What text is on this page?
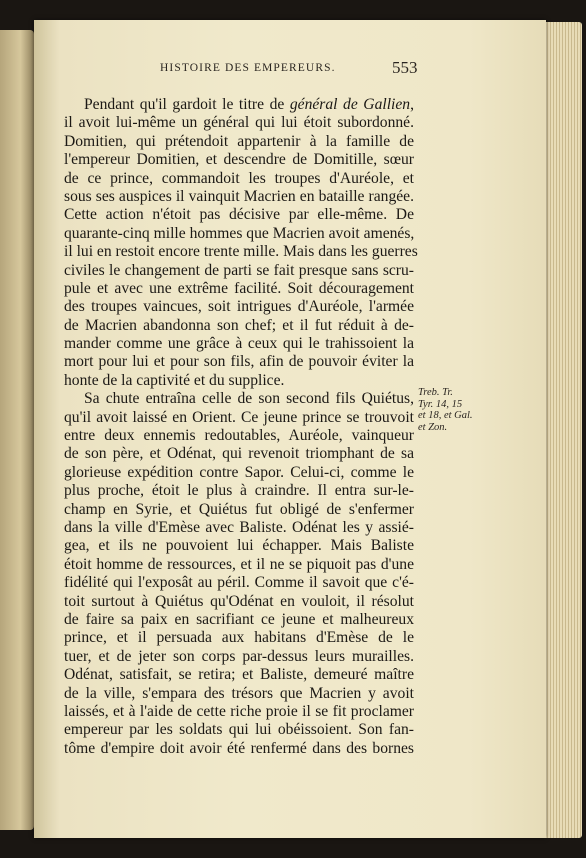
HISTOIRE DES EMPEREURS.	553
Pendant qu'il gardoit le titre de général de Gallien,
il avoit lui-même un général qui lui étoit subordonné.
Domitien, qui prétendoit appartenir à la famille de
l'empereur Domitien, et descendre de Domitille, sœur
de ce prince, commandoit les troupes d'Auréole, et
sous ses auspices il vainquit Macrien en bataille rangée.
Cette action n'étoit pas décisive par elle-même. De
quarante-cinq mille hommes que Macrien avoit amenés,
il lui en restoit encore trente mille. Mais dans les guerres
civiles le changement de parti se fait presque sans scru-
pule et avec une extrême facilité. Soit découragement
des troupes vaincues, soit intrigues d'Auréole, l'armée
de Macrien abandonna son chef; et il fut réduit à de-
mander comme une grâce à ceux qui le trahissoient la
mort pour lui et pour son fils, afin de pouvoir éviter la
honte de la captivité et du supplice.
Sa chute entraîna celle de son second fils Quiétus,
qu'il avoit laissé en Orient. Ce jeune prince se trouvoit
entre deux ennemis redoutables, Auréole, vainqueur
de son père, et Odénat, qui revenoit triomphant de sa
glorieuse expédition contre Sapor. Celui-ci, comme le
plus proche, étoit le plus à craindre. Il entra sur-le-
champ en Syrie, et Quiétus fut obligé de s'enfermer
dans la ville d'Emèse avec Baliste. Odénat les y assié-
gea, et ils ne pouvoient lui échapper. Mais Baliste
étoit homme de ressources, et il ne se piquoit pas d'une
fidélité qui l'exposât au péril. Comme il savoit que c'é-
toit surtout à Quiétus qu'Odénat en vouloit, il résolut
de faire sa paix en sacrifiant ce jeune et malheureux
prince, et il persuada aux habitans d'Emèse de le
tuer, et de jeter son corps par-dessus leurs murailles.
Odénat, satisfait, se retira; et Baliste, demeuré maître
de la ville, s'empara des trésors que Macrien y avoit
laissés, et à l'aide de cette riche proie il se fit proclamer
empereur par les soldats qui lui obéissoient. Son fan-
tôme d'empire doit avoir été renfermé dans des bornes
Treb. Tr.
Tyr. 14, 15
et 18, et Gal.
et Zon.
